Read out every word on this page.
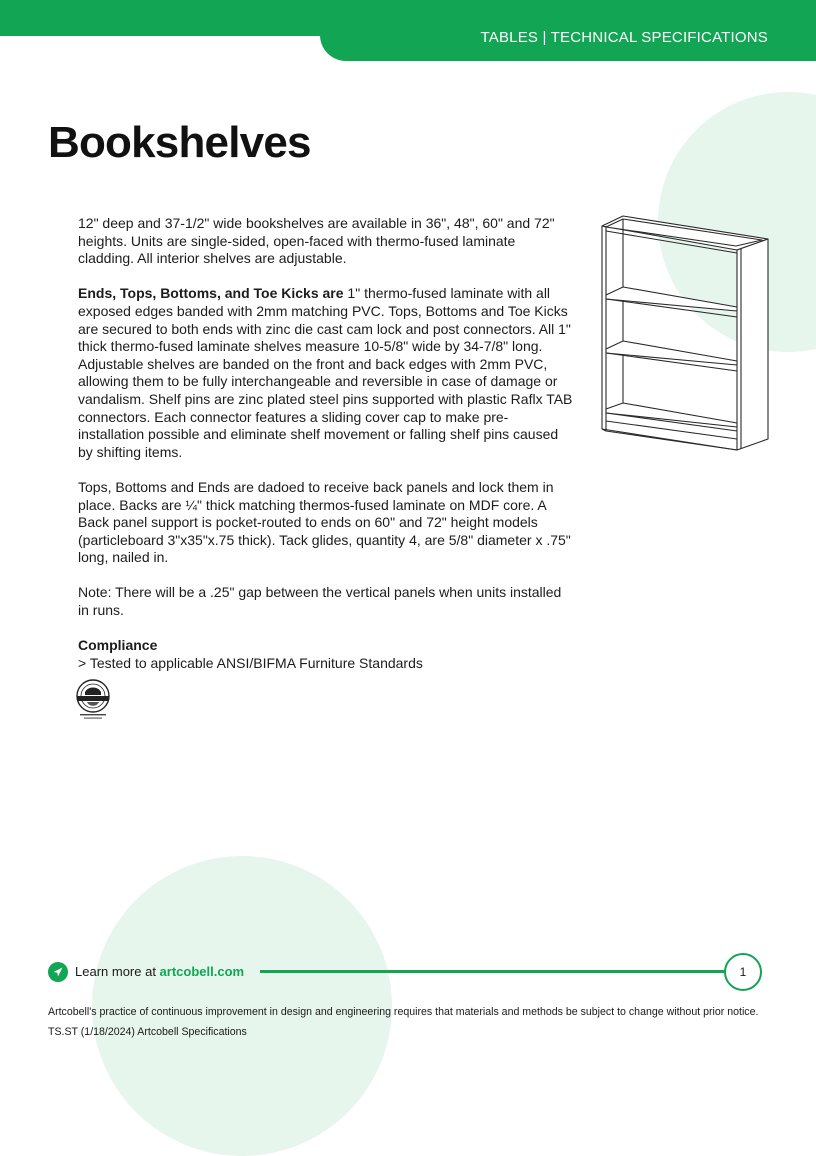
TABLES | TECHNICAL SPECIFICATIONS
Bookshelves

12" deep and 37-1/2" wide bookshelves are available in 36", 48", 60" and 72" heights. Units are single-sided, open-faced with thermo-fused laminate cladding. All interior shelves are adjustable.

Ends, Tops, Bottoms, and Toe Kicks are 1" thermo-fused laminate with all exposed edges banded with 2mm matching PVC. Tops, Bottoms and Toe Kicks are secured to both ends with zinc die cast cam lock and post connectors. All 1" thick thermo-fused laminate shelves measure 10-5/8" wide by 34-7/8" long. Adjustable shelves are banded on the front and back edges with 2mm PVC, allowing them to be fully interchangeable and reversible in case of damage or vandalism. Shelf pins are zinc plated steel pins supported with plastic Raflx TAB connectors. Each connector features a sliding cover cap to make pre-installation possible and eliminate shelf movement or falling shelf pins caused by shifting items.

Tops, Bottoms and Ends are dadoed to receive back panels and lock them in place. Backs are ¼" thick matching thermos-fused laminate on MDF core. A Back panel support is pocket-routed to ends on 60" and 72" height models (particleboard 3"x35"x.75 thick). Tack glides, quantity 4, are 5/8" diameter x .75" long, nailed in.

Note: There will be a .25" gap between the vertical panels when units installed in runs.

Compliance
> Tested to applicable ANSI/BIFMA Furniture Standards
Learn more at artcobell.com	1
Artcobell's practice of continuous improvement in design and engineering requires that materials and methods be subject to change without prior notice.
TS.ST (1/18/2024) Artcobell Specifications
